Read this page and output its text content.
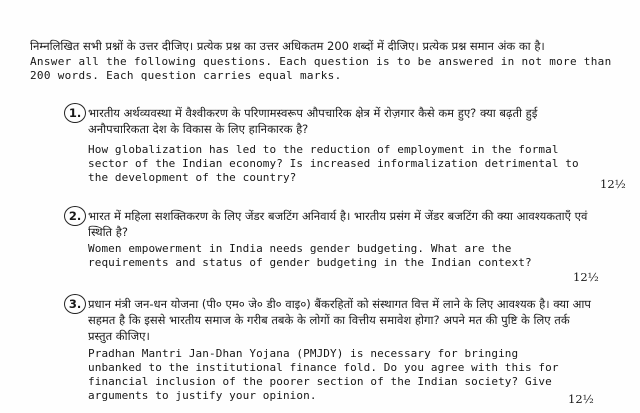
निम्नलिखित सभी प्रश्नों के उत्तर दीजिए। प्रत्येक प्रश्न का उत्तर अधिकतम 200 शब्दों में दीजिए। प्रत्येक प्रश्न समान अंक का है।
Answer all the following questions. Each question is to be answered in not more than 200 words. Each question carries equal marks.
1. भारतीय अर्थव्यवस्था में वैश्वीकरण के परिणामस्वरूप औपचारिक क्षेत्र में रोज़गार कैसे कम हुए? क्या बढ़ती हुई अनौपचारिकता देश के विकास के लिए हानिकारक है?
How globalization has led to the reduction of employment in the formal sector of the Indian economy? Is increased informalization detrimental to the development of the country?	12½
2. भारत में महिला सशक्तिकरण के लिए जेंडर बजटिंग अनिवार्य है। भारतीय प्रसंग में जेंडर बजटिंग की क्या आवश्यकताएँ एवं स्थिति है?
Women empowerment in India needs gender budgeting. What are the requirements and status of gender budgeting in the Indian context?
12½
3. प्रधान मंत्री जन-धन योजना (पी० एम० जे० डी० वाइ०) बैंकरहितों को संस्थागत वित्त में लाने के लिए आवश्यक है। क्या आप सहमत है कि इससे भारतीय समाज के गरीब तबके के लोगों का वित्तीय समावेश होगा? अपने मत की पुष्टि के लिए तर्क प्रस्तुत कीजिए।
Pradhan Mantri Jan-Dhan Yojana (PMJDY) is necessary for bringing unbanked to the institutional finance fold. Do you agree with this for financial inclusion of the poorer section of the Indian society? Give arguments to justify your opinion.	12½
